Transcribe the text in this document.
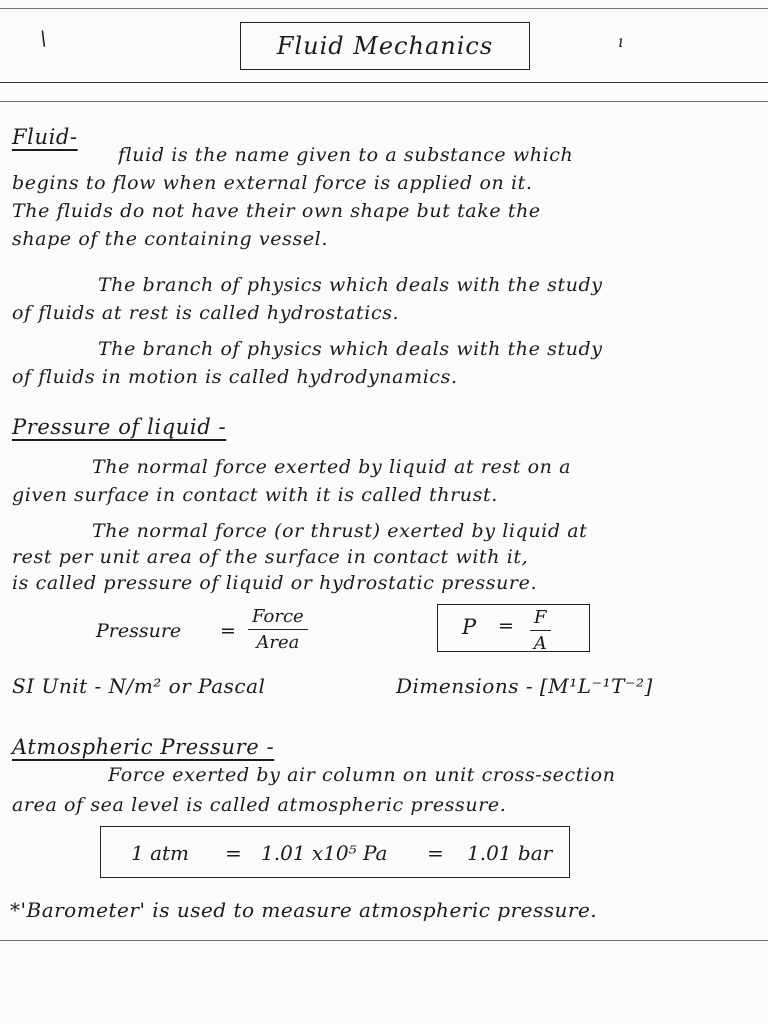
\	ı
Fluid Mechanics
Fluid-
fluid is the name given to a substance which
begins to flow when external force is applied on it.
The fluids do not have their own shape but take the
shape of the containing vessel.
The branch of physics which deals with the study
of fluids at rest is called hydrostatics.
The branch of physics which deals with the study
of fluids in motion is called hydrodynamics.
Pressure of liquid -
The normal force exerted by liquid at rest on a
given surface in contact with it is called thrust.
The normal force (or thrust) exerted by liquid at
rest per unit area of the surface in contact with it,
is called pressure of liquid or hydrostatic pressure.
Pressure =
Force
Area
$P = \frac{F}{A}$
SI Unit - N/m² or Pascal	Dimensions - [M¹L⁻¹T⁻²]
Atmospheric Pressure -
Force exerted by air column on unit cross-section
area of sea level is called atmospheric pressure.
1 atm = 1.01 x10⁵ Pa = 1.01 bar
*'Barometer' is used to measure atmospheric pressure.
